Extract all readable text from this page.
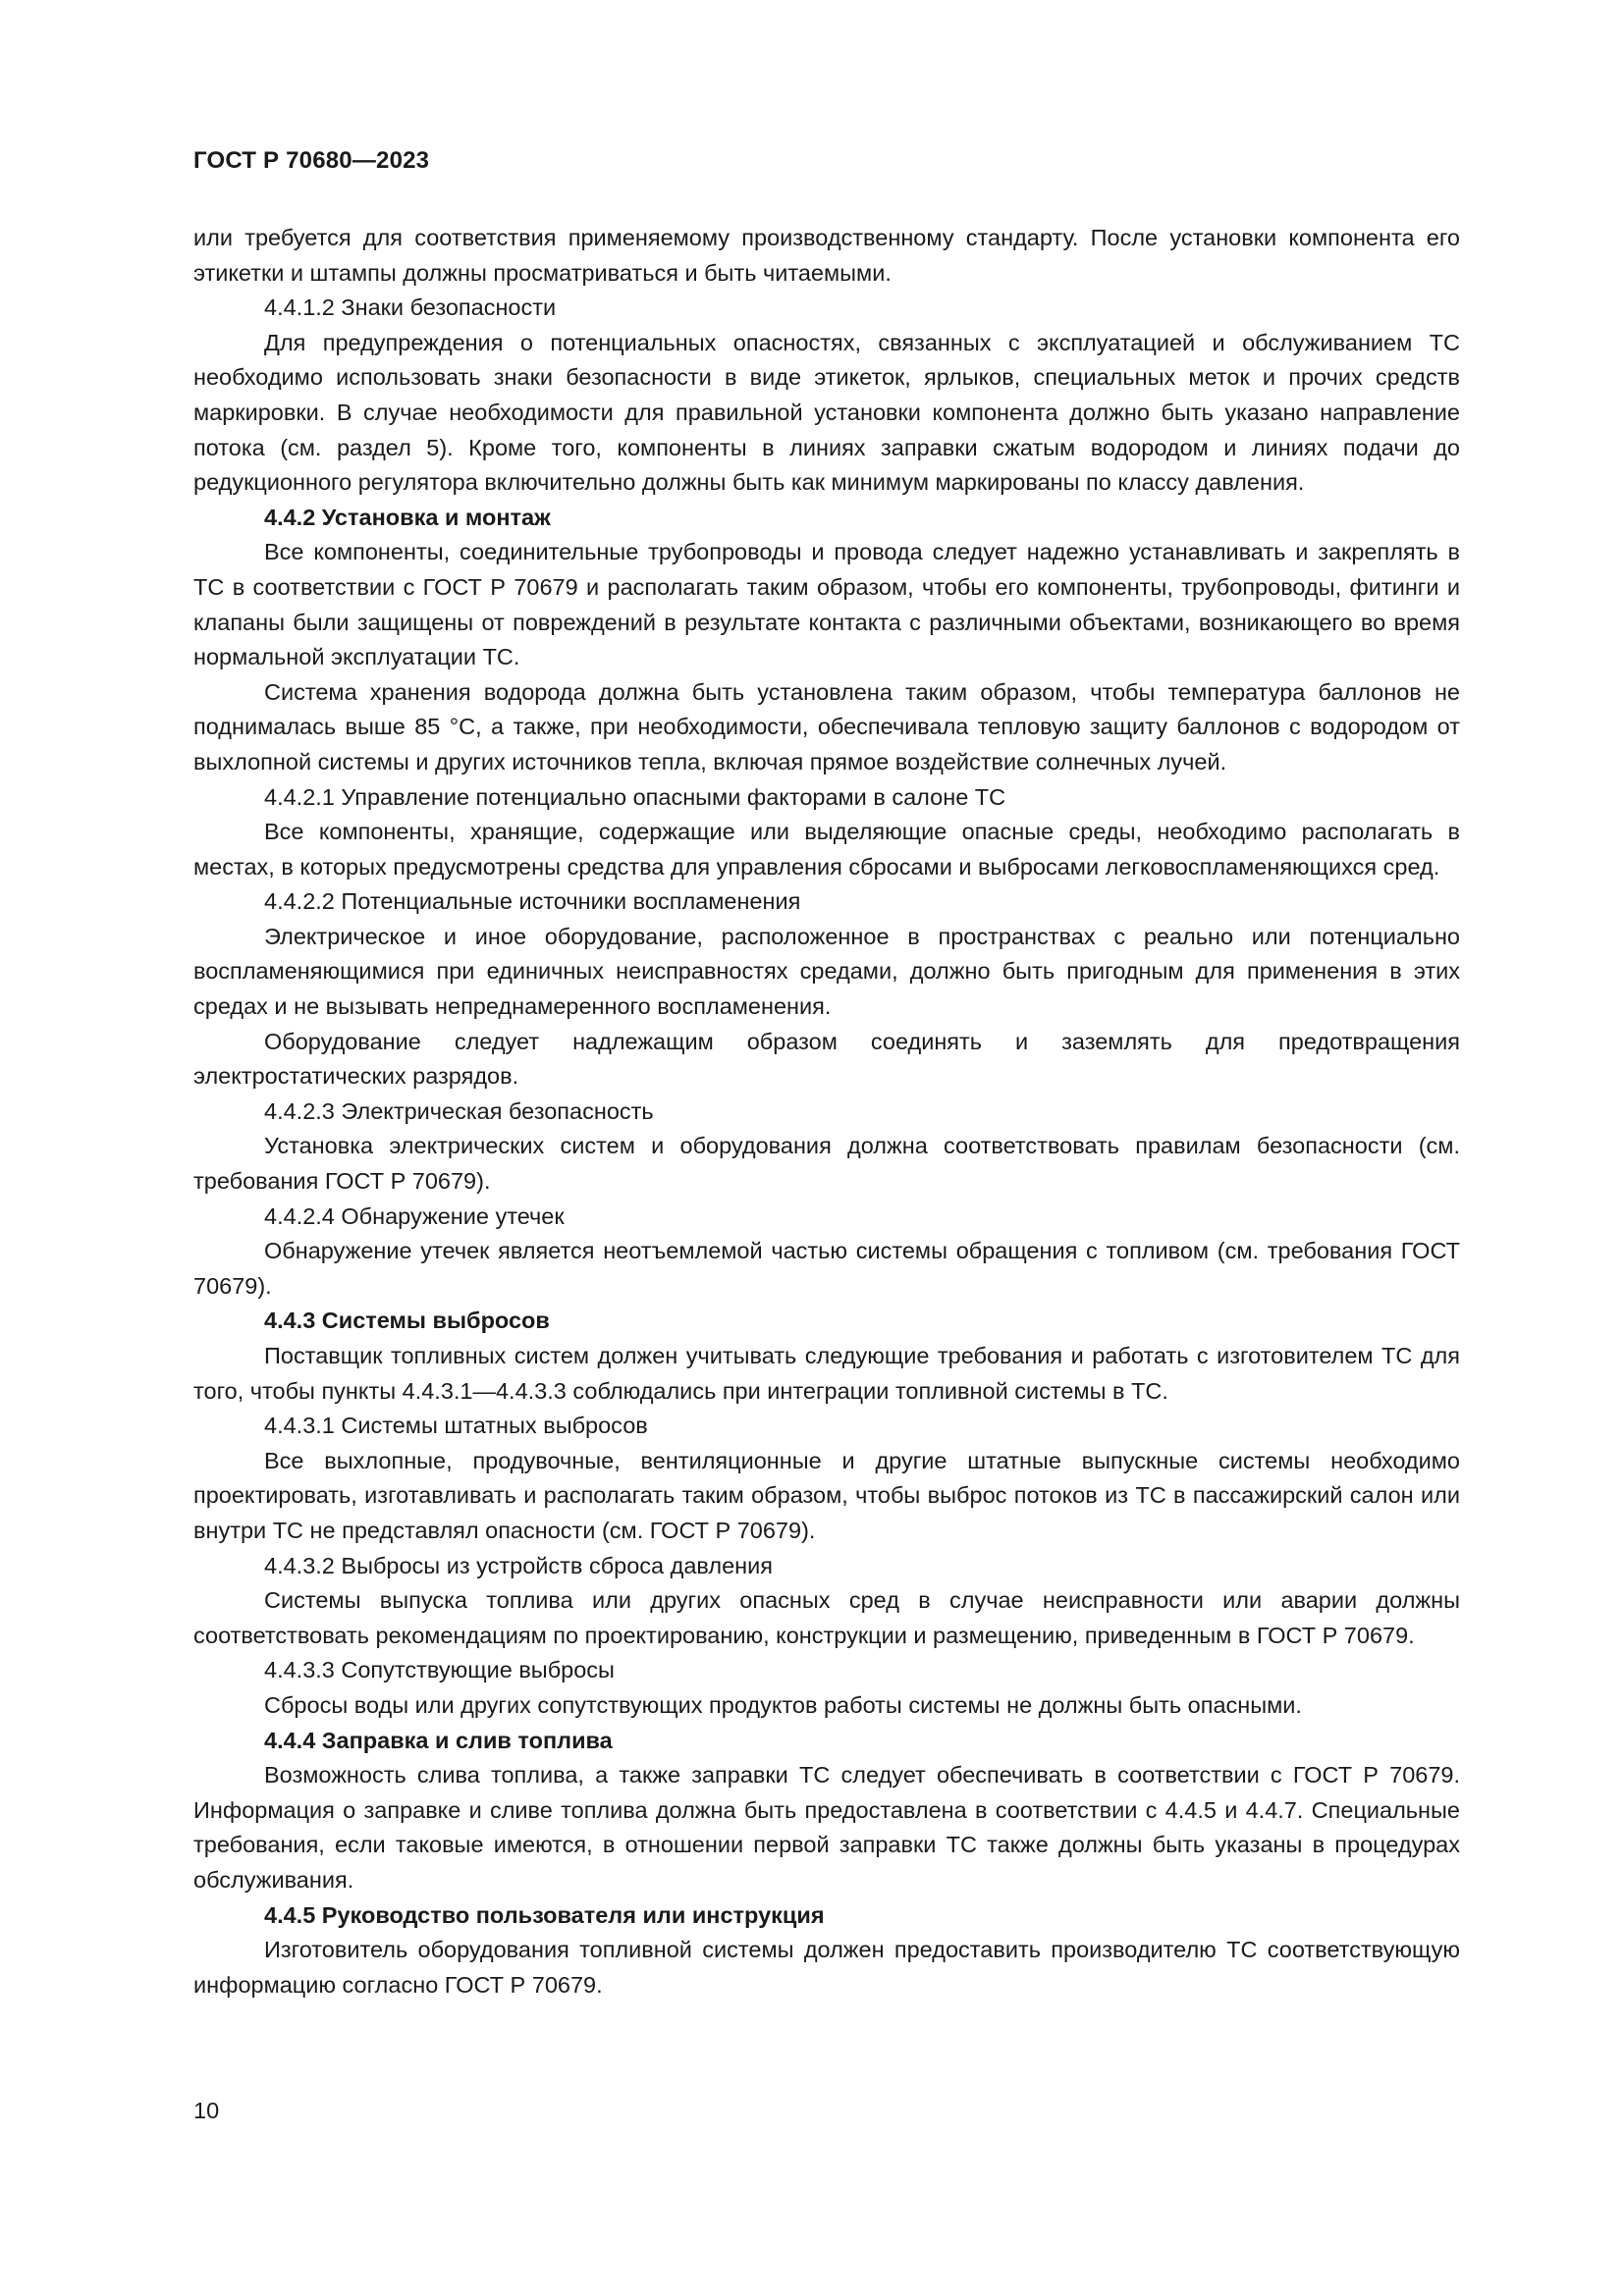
ГОСТ Р 70680—2023

или требуется для соответствия применяемому производственному стандарту. После установки компонента его этикетки и штампы должны просматриваться и быть читаемыми.

4.4.1.2 Знаки безопасности

Для предупреждения о потенциальных опасностях, связанных с эксплуатацией и обслуживанием ТС необходимо использовать знаки безопасности в виде этикеток, ярлыков, специальных меток и прочих средств маркировки. В случае необходимости для правильной установки компонента должно быть указано направление потока (см. раздел 5). Кроме того, компоненты в линиях заправки сжатым водородом и линиях подачи до редукционного регулятора включительно должны быть как минимум маркированы по классу давления.

4.4.2 Установка и монтаж

Все компоненты, соединительные трубопроводы и провода следует надежно устанавливать и закреплять в ТС в соответствии с ГОСТ Р 70679 и располагать таким образом, чтобы его компоненты, трубопроводы, фитинги и клапаны были защищены от повреждений в результате контакта с различными объектами, возникающего во время нормальной эксплуатации ТС.

Система хранения водорода должна быть установлена таким образом, чтобы температура баллонов не поднималась выше 85 °С, а также, при необходимости, обеспечивала тепловую защиту баллонов с водородом от выхлопной системы и других источников тепла, включая прямое воздействие солнечных лучей.

4.4.2.1 Управление потенциально опасными факторами в салоне ТС

Все компоненты, хранящие, содержащие или выделяющие опасные среды, необходимо располагать в местах, в которых предусмотрены средства для управления сбросами и выбросами легковоспламеняющихся сред.

4.4.2.2 Потенциальные источники воспламенения

Электрическое и иное оборудование, расположенное в пространствах с реально или потенциально воспламеняющимися при единичных неисправностях средами, должно быть пригодным для применения в этих средах и не вызывать непреднамеренного воспламенения.

Оборудование следует надлежащим образом соединять и заземлять для предотвращения электростатических разрядов.

4.4.2.3 Электрическая безопасность

Установка электрических систем и оборудования должна соответствовать правилам безопасности (см. требования ГОСТ Р 70679).

4.4.2.4 Обнаружение утечек

Обнаружение утечек является неотъемлемой частью системы обращения с топливом (см. требования ГОСТ 70679).

4.4.3 Системы выбросов

Поставщик топливных систем должен учитывать следующие требования и работать с изготовителем ТС для того, чтобы пункты 4.4.3.1—4.4.3.3 соблюдались при интеграции топливной системы в ТС.

4.4.3.1 Системы штатных выбросов

Все выхлопные, продувочные, вентиляционные и другие штатные выпускные системы необходимо проектировать, изготавливать и располагать таким образом, чтобы выброс потоков из ТС в пассажирский салон или внутри ТС не представлял опасности (см. ГОСТ Р 70679).

4.4.3.2 Выбросы из устройств сброса давления

Системы выпуска топлива или других опасных сред в случае неисправности или аварии должны соответствовать рекомендациям по проектированию, конструкции и размещению, приведенным в ГОСТ Р 70679.

4.4.3.3 Сопутствующие выбросы

Сбросы воды или других сопутствующих продуктов работы системы не должны быть опасными.

4.4.4 Заправка и слив топлива

Возможность слива топлива, а также заправки ТС следует обеспечивать в соответствии с ГОСТ Р 70679. Информация о заправке и сливе топлива должна быть предоставлена в соответствии с 4.4.5 и 4.4.7. Специальные требования, если таковые имеются, в отношении первой заправки ТС также должны быть указаны в процедурах обслуживания.

4.4.5 Руководство пользователя или инструкция

Изготовитель оборудования топливной системы должен предоставить производителю ТС соответствующую информацию согласно ГОСТ Р 70679.

10
